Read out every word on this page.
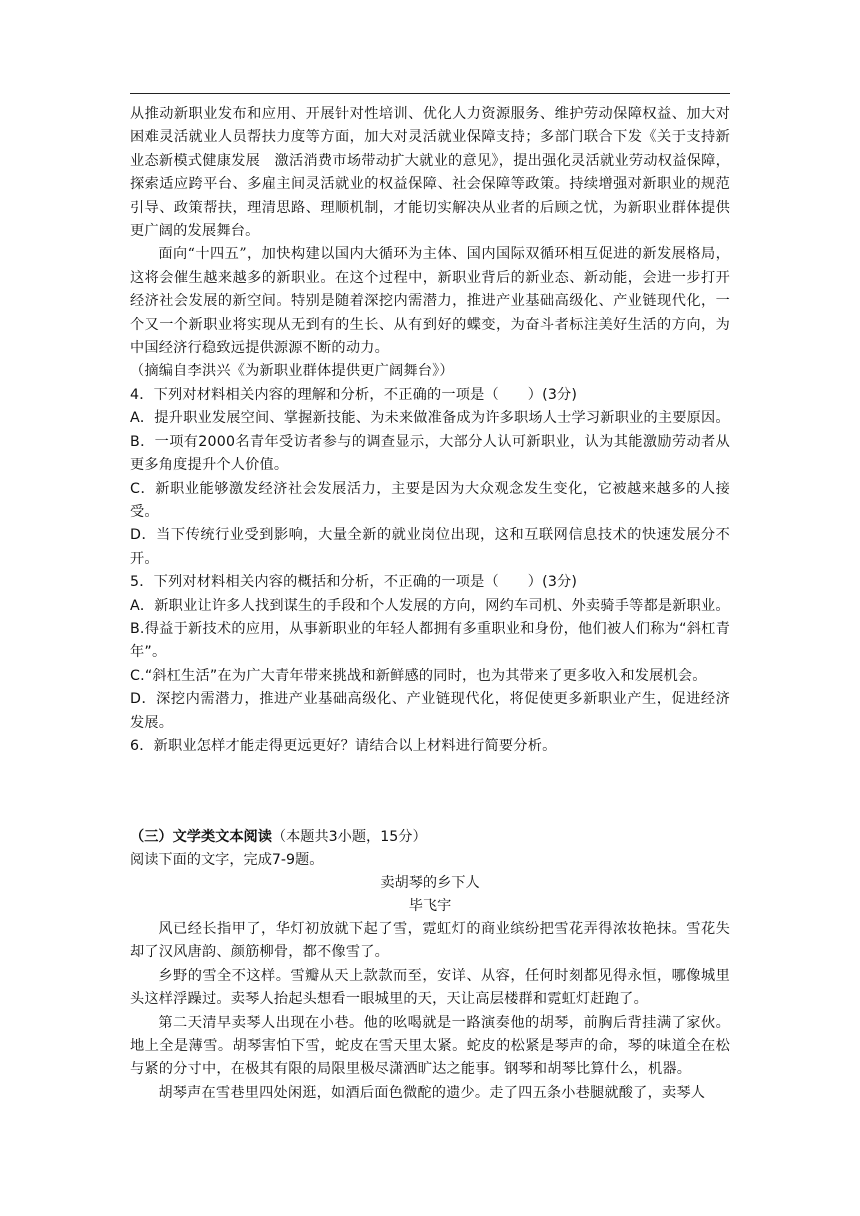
从推动新职业发布和应用、开展针对性培训、优化人力资源服务、维护劳动保障权益、加大对困难灵活就业人员帮扶力度等方面，加大对灵活就业保障支持；多部门联合下发《关于支持新业态新模式健康发展　激活消费市场带动扩大就业的意见》，提出强化灵活就业劳动权益保障，探索适应跨平台、多雇主间灵活就业的权益保障、社会保障等政策。持续增强对新职业的规范引导、政策帮扶，理清思路、理顺机制，才能切实解决从业者的后顾之忧，为新职业群体提供更广阔的发展舞台。

面向“十四五”，加快构建以国内大循环为主体、国内国际双循环相互促进的新发展格局，这将会催生越来越多的新职业。在这个过程中，新职业背后的新业态、新动能，会进一步打开经济社会发展的新空间。特别是随着深挖内需潜力，推进产业基础高级化、产业链现代化，一个又一个新职业将实现从无到有的生长、从有到好的蝶变，为奋斗者标注美好生活的方向，为中国经济行稳致远提供源源不断的动力。

（摘编自李洪兴《为新职业群体提供更广阔舞台》）

4．下列对材料相关内容的理解和分析，不正确的一项是（　　）(3分)

A．提升职业发展空间、掌握新技能、为未来做准备成为许多职场人士学习新职业的主要原因。

B．一项有2000名青年受访者参与的调查显示，大部分人认可新职业，认为其能激励劳动者从更多角度提升个人价值。

C．新职业能够激发经济社会发展活力，主要是因为大众观念发生变化，它被越来越多的人接受。

D．当下传统行业受到影响，大量全新的就业岗位出现，这和互联网信息技术的快速发展分不开。

5．下列对材料相关内容的概括和分析，不正确的一项是（　　）(3分)

A．新职业让许多人找到谋生的手段和个人发展的方向，网约车司机、外卖骑手等都是新职业。

B.得益于新技术的应用，从事新职业的年轻人都拥有多重职业和身份，他们被人们称为“斜杠青年”。

C.“斜杠生活”在为广大青年带来挑战和新鲜感的同时，也为其带来了更多收入和发展机会。

D．深挖内需潜力，推进产业基础高级化、产业链现代化，将促使更多新职业产生，促进经济发展。

6．新职业怎样才能走得更远更好？请结合以上材料进行简要分析。

（三）文学类文本阅读（本题共3小题，15分）

阅读下面的文字，完成7-9题。

卖胡琴的乡下人

毕飞宇

风已经长指甲了，华灯初放就下起了雪，霓虹灯的商业缤纷把雪花弄得浓妆艳抹。雪花失却了汉风唐韵、颜筋柳骨，都不像雪了。

乡野的雪全不这样。雪瓣从天上款款而至，安详、从容，任何时刻都见得永恒，哪像城里头这样浮躁过。卖琴人抬起头想看一眼城里的天，天让高层楼群和霓虹灯赶跑了。

第二天清早卖琴人出现在小巷。他的吆喝就是一路演奏他的胡琴，前胸后背挂满了家伙。地上全是薄雪。胡琴害怕下雪，蛇皮在雪天里太紧。蛇皮的松紧是琴声的命，琴的味道全在松与紧的分寸中，在极其有限的局限里极尽潇洒旷达之能事。钢琴和胡琴比算什么，机器。

胡琴声在雪巷里四处闲逛，如酒后面色微酡的遗少。走了四五条小巷腿就酸了，卖琴人
